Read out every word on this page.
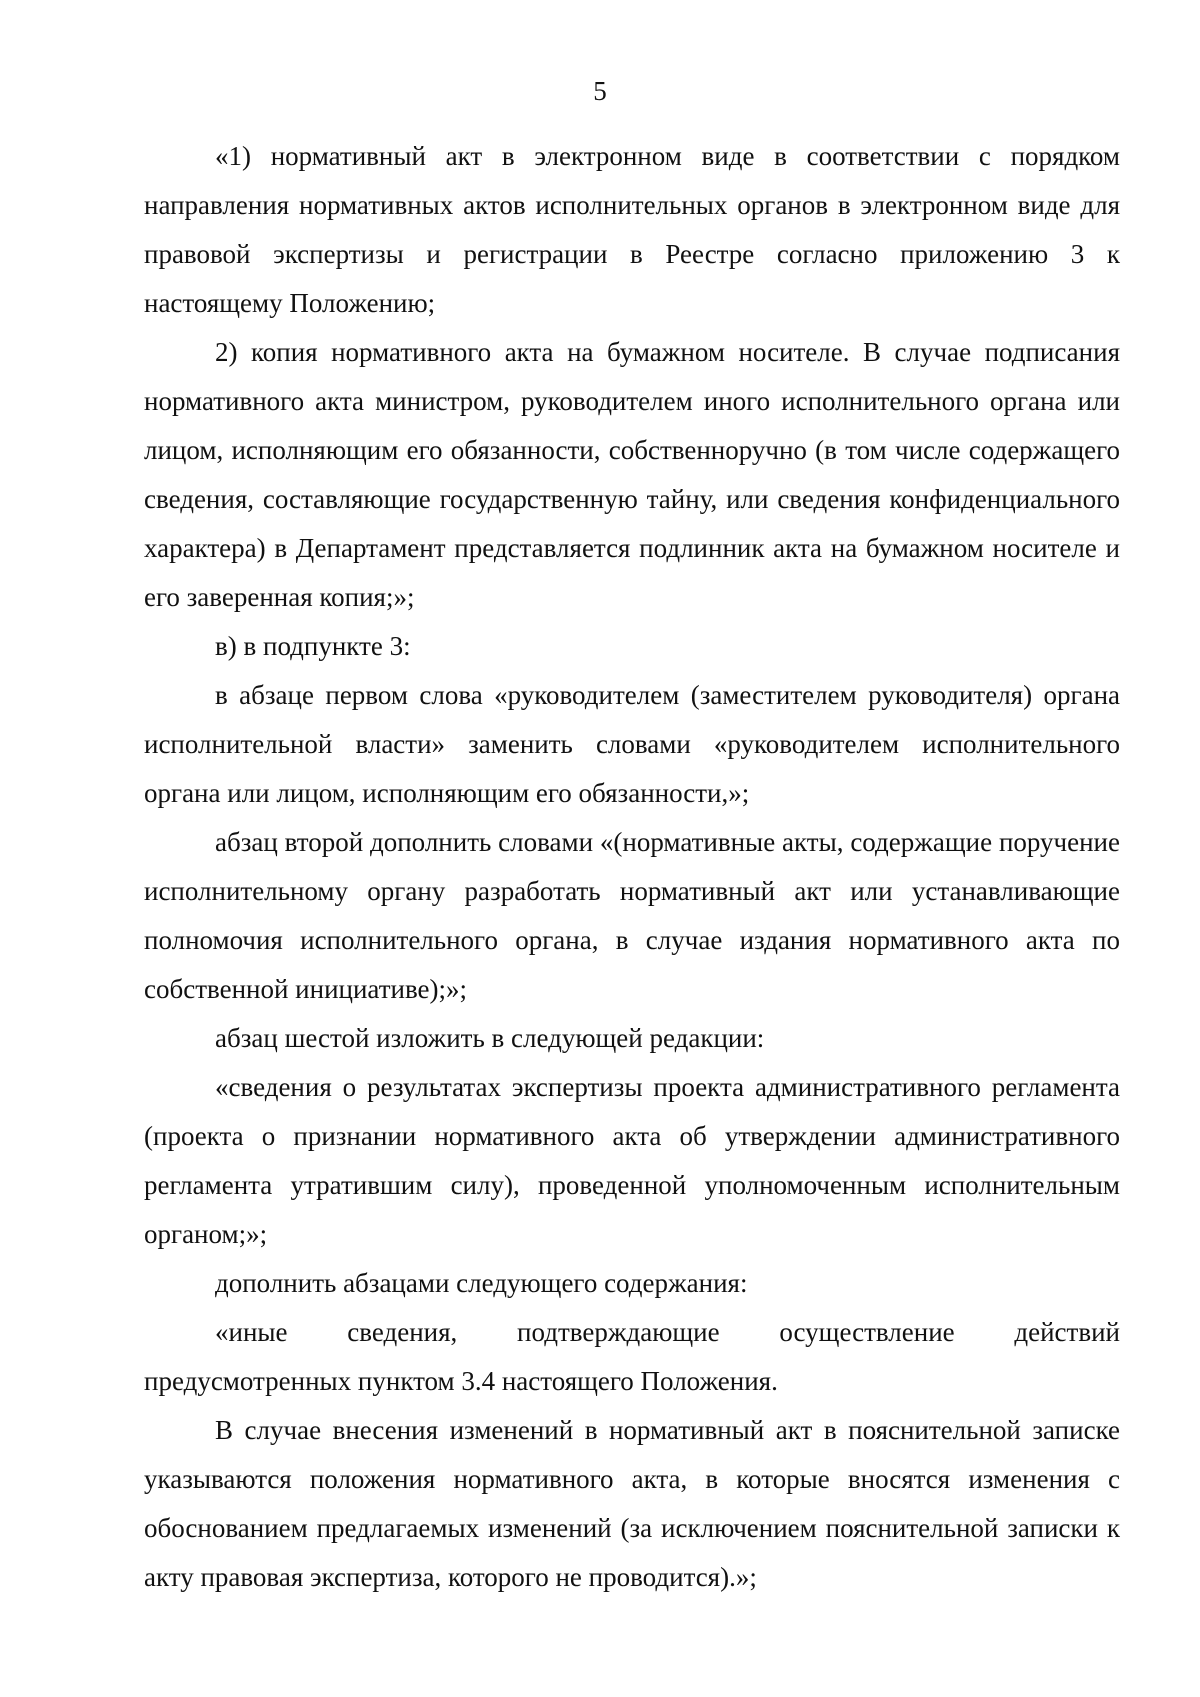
5

«1) нормативный акт в электронном виде в соответствии с порядком направления нормативных актов исполнительных органов в электронном виде для правовой экспертизы и регистрации в Реестре согласно приложению 3 к настоящему Положению;

2) копия нормативного акта на бумажном носителе. В случае подписания нормативного акта министром, руководителем иного исполнительного органа или лицом, исполняющим его обязанности, собственноручно (в том числе содержащего сведения, составляющие государственную тайну, или сведения конфиденциального характера) в Департамент представляется подлинник акта на бумажном носителе и его заверенная копия;»;

в) в подпункте 3:

в абзаце первом слова «руководителем (заместителем руководителя) органа исполнительной власти» заменить словами «руководителем исполнительного органа или лицом, исполняющим его обязанности,»;

абзац второй дополнить словами «(нормативные акты, содержащие поручение исполнительному органу разработать нормативный акт или устанавливающие полномочия исполнительного органа, в случае издания нормативного акта по собственной инициативе);»;

абзац шестой изложить в следующей редакции:

«сведения о результатах экспертизы проекта административного регламента (проекта о признании нормативного акта об утверждении административного регламента утратившим силу), проведенной уполномоченным исполнительным органом;»;

дополнить абзацами следующего содержания:

«иные сведения, подтверждающие осуществление действий предусмотренных пунктом 3.4 настоящего Положения.

В случае внесения изменений в нормативный акт в пояснительной записке указываются положения нормативного акта, в которые вносятся изменения с обоснованием предлагаемых изменений (за исключением пояснительной записки к акту правовая экспертиза, которого не проводится).»;
